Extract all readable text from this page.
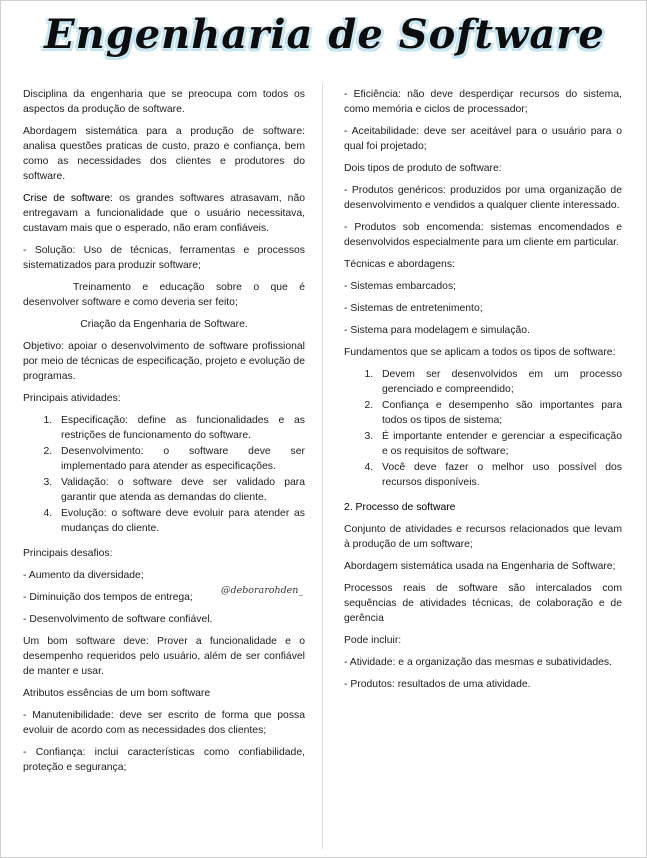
Engenharia de Software

Disciplina da engenharia que se preocupa com todos os aspectos da produção de software.

Abordagem sistemática para a produção de software: analisa questões praticas de custo, prazo e confiança, bem como as necessidades dos clientes e produtores do software.

Crise de software: os grandes softwares atrasavam, não entregavam a funcionalidade que o usuário necessitava, custavam mais que o esperado, não eram confiáveis.

- Solução: Uso de técnicas, ferramentas e processos sistematizados para produzir software;

Treinamento e educação sobre o que é desenvolver software e como deveria ser feito;

Criação da Engenharia de Software.

Objetivo: apoiar o desenvolvimento de software profissional por meio de técnicas de especificação, projeto e evolução de programas.

Principais atividades:

1. Especificação: define as funcionalidades e as restrições de funcionamento do software.
2. Desenvolvimento: o software deve ser implementado para atender as especificações.
3. Validação: o software deve ser validado para garantir que atenda as demandas do cliente.
4. Evolução: o software deve evoluir para atender as mudanças do cliente.

Principais desafios:

- Aumento da diversidade;

- Diminuição dos tempos de entrega;

- Desenvolvimento de software confiável.

Um bom software deve: Prover a funcionalidade e o desempenho requeridos pelo usuário, além de ser confiável de manter e usar.

Atributos essências de um bom software

- Manutenibilidade: deve ser escrito de forma que possa evoluir de acordo com as necessidades dos clientes;

- Confiança: inclui características como confiabilidade, proteção e segurança;

@deborarohden_

- Eficiência: não deve desperdiçar recursos do sistema, como memória e ciclos de processador;

- Aceitabilidade: deve ser aceitável para o usuário para o qual foi projetado;

Dois tipos de produto de software:

- Produtos genéricos: produzidos por uma organização de desenvolvimento e vendidos a qualquer cliente interessado.

- Produtos sob encomenda: sistemas encomendados e desenvolvidos especialmente para um cliente em particular.

Técnicas e abordagens:

- Sistemas embarcados;

- Sistemas de entretenimento;

- Sistema para modelagem e simulação.

Fundamentos que se aplicam a todos os tipos de software:

1. Devem ser desenvolvidos em um processo gerenciado e compreendido;
2. Confiança e desempenho são importantes para todos os tipos de sistema;
3. É importante entender e gerenciar a especificação e os requisitos de software;
4. Você deve fazer o melhor uso possível dos recursos disponíveis.

2. Processo de software

Conjunto de atividades e recursos relacionados que levam à produção de um software;

Abordagem sistemática usada na Engenharia de Software;

Processos reais de software são intercalados com sequências de atividades técnicas, de colaboração e de gerência

Pode incluir:

- Atividade: e a organização das mesmas e subatividades.

- Produtos: resultados de uma atividade.
